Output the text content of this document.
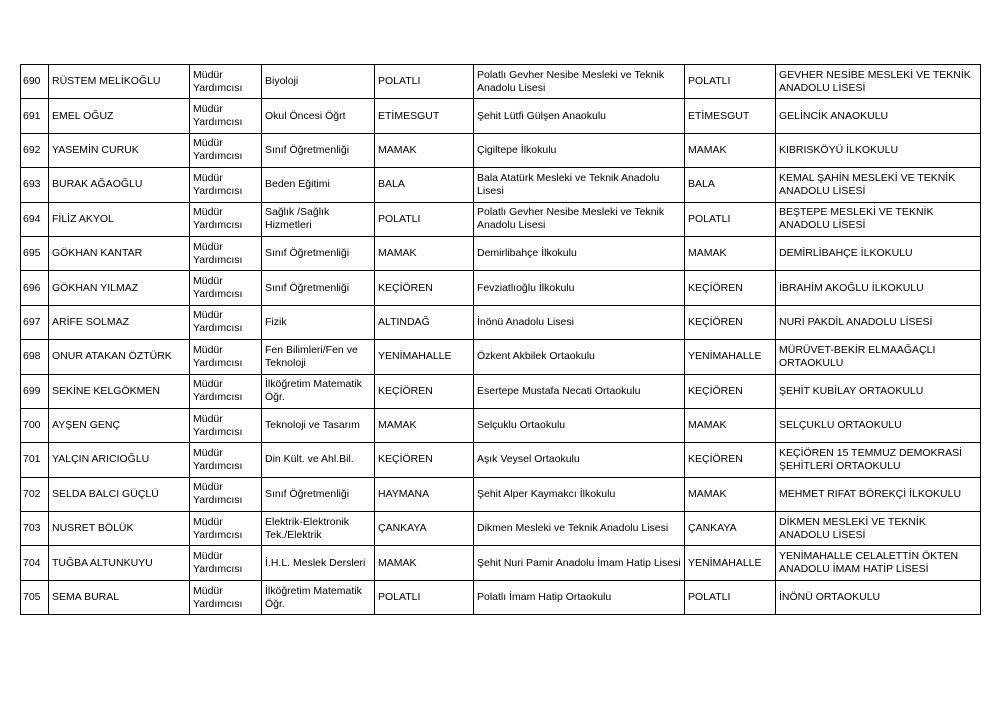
690	RÜSTEM MELİKOĞLU	Müdür Yardımcısı	Biyoloji	POLATLI	Polatlı Gevher Nesibe Mesleki ve Teknik Anadolu Lisesi	POLATLI	GEVHER NESİBE MESLEKİ VE TEKNİK ANADOLU LİSESİ
691	EMEL OĞUZ	Müdür Yardımcısı	Okul Öncesi Öğrt	ETİMESGUT	Şehit Lütfi Gülşen Anaokulu	ETİMESGUT	GELİNCİK ANAOKULU
692	YASEMİN CURUK	Müdür Yardımcısı	Sınıf Öğretmenliği	MAMAK	Çigiltepe İlkokulu	MAMAK	KIBRISKÖYÜ İLKOKULU
693	BURAK AĞAOĞLU	Müdür Yardımcısı	Beden Eğitimi	BALA	Bala Atatürk Mesleki ve Teknik Anadolu Lisesi	BALA	KEMAL ŞAHİN MESLEKİ VE TEKNİK ANADOLU LİSESİ
694	FİLİZ AKYOL	Müdür Yardımcısı	Sağlık /Sağlık Hizmetleri	POLATLI	Polatlı Gevher Nesibe Mesleki ve Teknik Anadolu Lisesi	POLATLI	BEŞTEPE MESLEKİ VE TEKNİK ANADOLU LİSESİ
695	GÖKHAN KANTAR	Müdür Yardımcısı	Sınıf Öğretmenliği	MAMAK	Demirlibahçe İlkokulu	MAMAK	DEMİRLİBAHÇE İLKOKULU
696	GÖKHAN YILMAZ	Müdür Yardımcısı	Sınıf Öğretmenliği	KEÇİÖREN	Fevziatlıoğlu İlkokulu	KEÇİÖREN	İBRAHİM AKOĞLU İLKOKULU
697	ARİFE SOLMAZ	Müdür Yardımcısı	Fizik	ALTINDAĞ	İnönü Anadolu Lisesi	KEÇİÖREN	NURİ PAKDİL ANADOLU LİSESİ
698	ONUR ATAKAN ÖZTÜRK	Müdür Yardımcısı	Fen Bilimleri/Fen ve Teknoloji	YENİMAHALLE	Özkent Akbilek Ortaokulu	YENİMAHALLE	MÜRÜVET-BEKİR ELMAAĞAÇLI ORTAOKULU
699	SEKİNE KELGÖKMEN	Müdür Yardımcısı	İlköğretim Matematik Öğr.	KEÇİÖREN	Esertepe Mustafa Necati Ortaokulu	KEÇİÖREN	ŞEHİT KUBİLAY ORTAOKULU
700	AYŞEN GENÇ	Müdür Yardımcısı	Teknoloji ve Tasarım	MAMAK	Selçuklu Ortaokulu	MAMAK	SELÇUKLU ORTAOKULU
701	YALÇIN ARICIOĞLU	Müdür Yardımcısı	Din Kült. ve Ahl.Bil.	KEÇİÖREN	Aşık Veysel Ortaokulu	KEÇİÖREN	KEÇİÖREN 15 TEMMUZ DEMOKRASİ ŞEHİTLERİ ORTAOKULU
702	SELDA BALCI GÜÇLÜ	Müdür Yardımcısı	Sınıf Öğretmenliği	HAYMANA	Şehit Alper Kaymakcı İlkokulu	MAMAK	MEHMET RIFAT BÖREKÇİ İLKOKULU
703	NUSRET BÖLÜK	Müdür Yardımcısı	Elektrik-Elektronik Tek./Elektrik	ÇANKAYA	Dikmen Mesleki ve Teknik Anadolu Lisesi	ÇANKAYA	DİKMEN MESLEKİ VE TEKNİK ANADOLU LİSESİ
704	TUĞBA ALTUNKUYU	Müdür Yardımcısı	İ.H.L. Meslek Dersleri	MAMAK	Şehit Nuri Pamir Anadolu İmam Hatip Lisesi	YENİMAHALLE	YENİMAHALLE CELALETTİN ÖKTEN ANADOLU İMAM HATİP LİSESİ
705	SEMA BURAL	Müdür Yardımcısı	İlköğretim Matematik Öğr.	POLATLI	Polatlı İmam Hatip Ortaokulu	POLATLI	İNÖNÜ ORTAOKULU
